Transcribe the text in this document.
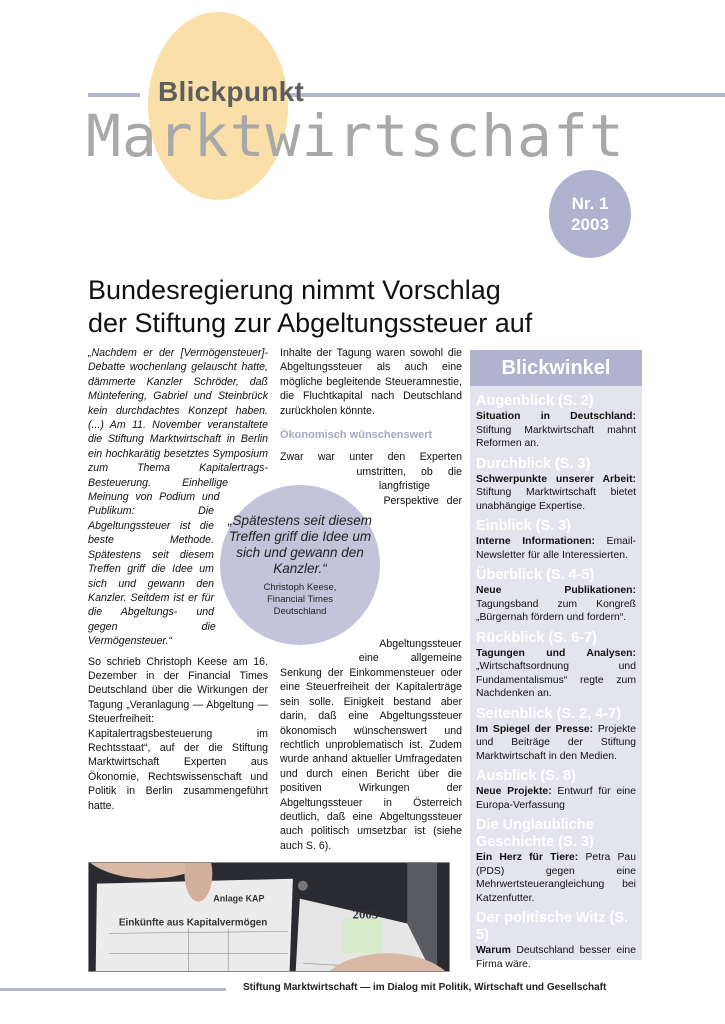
Blickpunkt
Marktwirtschaft
Nr. 1
2003
Bundesregierung nimmt Vorschlag
der Stiftung zur Abgeltungssteuer auf

„Nachdem er der [Vermögensteuer]-Debatte wochenlang gelauscht hatte, dämmerte Kanzler Schröder, daß Müntefering, Gabriel und Steinbrück kein durchdachtes Konzept haben. (...) Am 11. November veranstaltete die Stiftung Marktwirtschaft in Berlin ein hochkarätig besetztes Symposium zum Thema Kapitalertrags-Besteuerung. Einhellige Meinung von Podium und Publikum: Die Abgeltungssteuer ist die beste Methode. Spätestens seit diesem Treffen griff die Idee um sich und gewann den Kanzler. Seitdem ist er für die Abgeltungs- und gegen die Vermögensteuer.“

So schrieb Christoph Keese am 16. Dezember in der Financial Times Deutschland über die Wirkungen der Tagung „Veranlagung — Abgeltung — Steuerfreiheit: Kapitalertragsbesteuerung im Rechtsstaat“, auf der die Stiftung Marktwirtschaft Experten aus Ökonomie, Rechtswissenschaft und Politik in Berlin zusammengeführt hatte.

Inhalte der Tagung waren sowohl die Abgeltungssteuer als auch eine mögliche begleitende Steueramnestie, die Fluchtkapital nach Deutschland zurückholen könnte.

Ökonomisch wünschenswert

Zwar war unter den Experten umstritten, ob die langfristige Perspektive der Abgeltungssteuer eine allgemeine Senkung der Einkommensteuer oder eine Steuerfreiheit der Kapitalerträge sein solle. Einigkeit bestand aber darin, daß eine Abgeltungssteuer ökonomisch wünschenswert und rechtlich unproblematisch ist. Zudem wurde anhand aktueller Umfragedaten und durch einen Bericht über die positiven Wirkungen der Abgeltungssteuer in Österreich deutlich, daß eine Abgeltungssteuer auch politisch umsetzbar ist (siehe auch S. 6).

„Spätestens seit diesem Treffen griff die Idee um sich und gewann den Kanzler.“
Christoph Keese,
Financial Times
Deutschland
Blickwinkel
Augenblick (S. 2)
Situation in Deutschland: Stiftung Marktwirtschaft mahnt Reformen an.
Durchblick (S. 3)
Schwerpunkte unserer Arbeit: Stiftung Marktwirtschaft bietet unabhängige Expertise.
Einblick (S. 3)
Interne Informationen: Email-Newsletter für alle Interessierten.
Überblick (S. 4-5)
Neue Publikationen: Tagungsband zum Kongreß „Bürgernah fördern und fordern“.
Rückblick (S. 6-7)
Tagungen und Analysen: „Wirtschaftsordnung und Fundamentalismus“ regte zum Nachdenken an.
Seitenblick (S. 2, 4-7)
Im Spiegel der Presse: Projekte und Beiträge der Stiftung Marktwirtschaft in den Medien.
Ausblick (S. 8)
Neue Projekte: Entwurf für eine Europa-Verfassung
Die Unglaubliche Geschichte (S. 3)
Ein Herz für Tiere: Petra Pau (PDS) gegen eine Mehrwertsteuerangleichung bei Katzenfutter.
Der politische Witz (S. 5)
Warum Deutschland besser eine Firma wäre.
Anlage KAP
Einkünfte aus Kapitalvermögen
2003
Stiftung Marktwirtschaft — im Dialog mit Politik, Wirtschaft und Gesellschaft
